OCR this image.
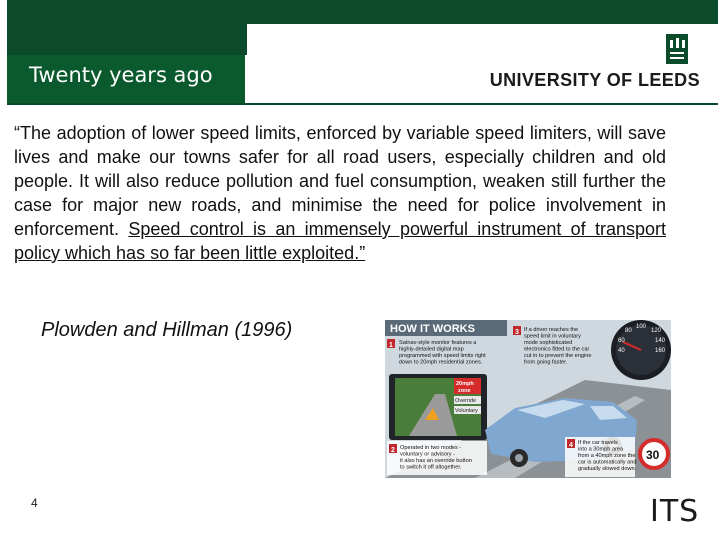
Twenty years ago	UNIVERSITY OF LEEDS
“The adoption of lower speed limits, enforced by variable speed limiters, will save lives and make our towns safer for all road users, especially children and old people. It will also reduce pollution and fuel consumption, weaken still further the case for major new roads, and minimise the need for police involvement in enforcement. Speed control is an immensely powerful instrument of transport policy which has so far been little exploited.”
Plowden and Hillman (1996)	HOW IT WORKS
1 Satnav-style monitor features a
highly-detailed digital map
programmed with speed limits right
down to 20mph residential zones.
3 If a driver reaches the
speed limit in voluntary
mode sophisticated
electronics fitted to the car
cut in to prevent the engine
from going faster.
80
100
120
60
40
140
160
20mph
zone
Override
Voluntary
2 Operated in two modes -
voluntary or advisory -
it also has an override button
to switch it off altogether.
4 If the car travels
into a 30mph area
from a 40mph zone the
car is automatically and
gradually slowed down.
30
4	ITS
